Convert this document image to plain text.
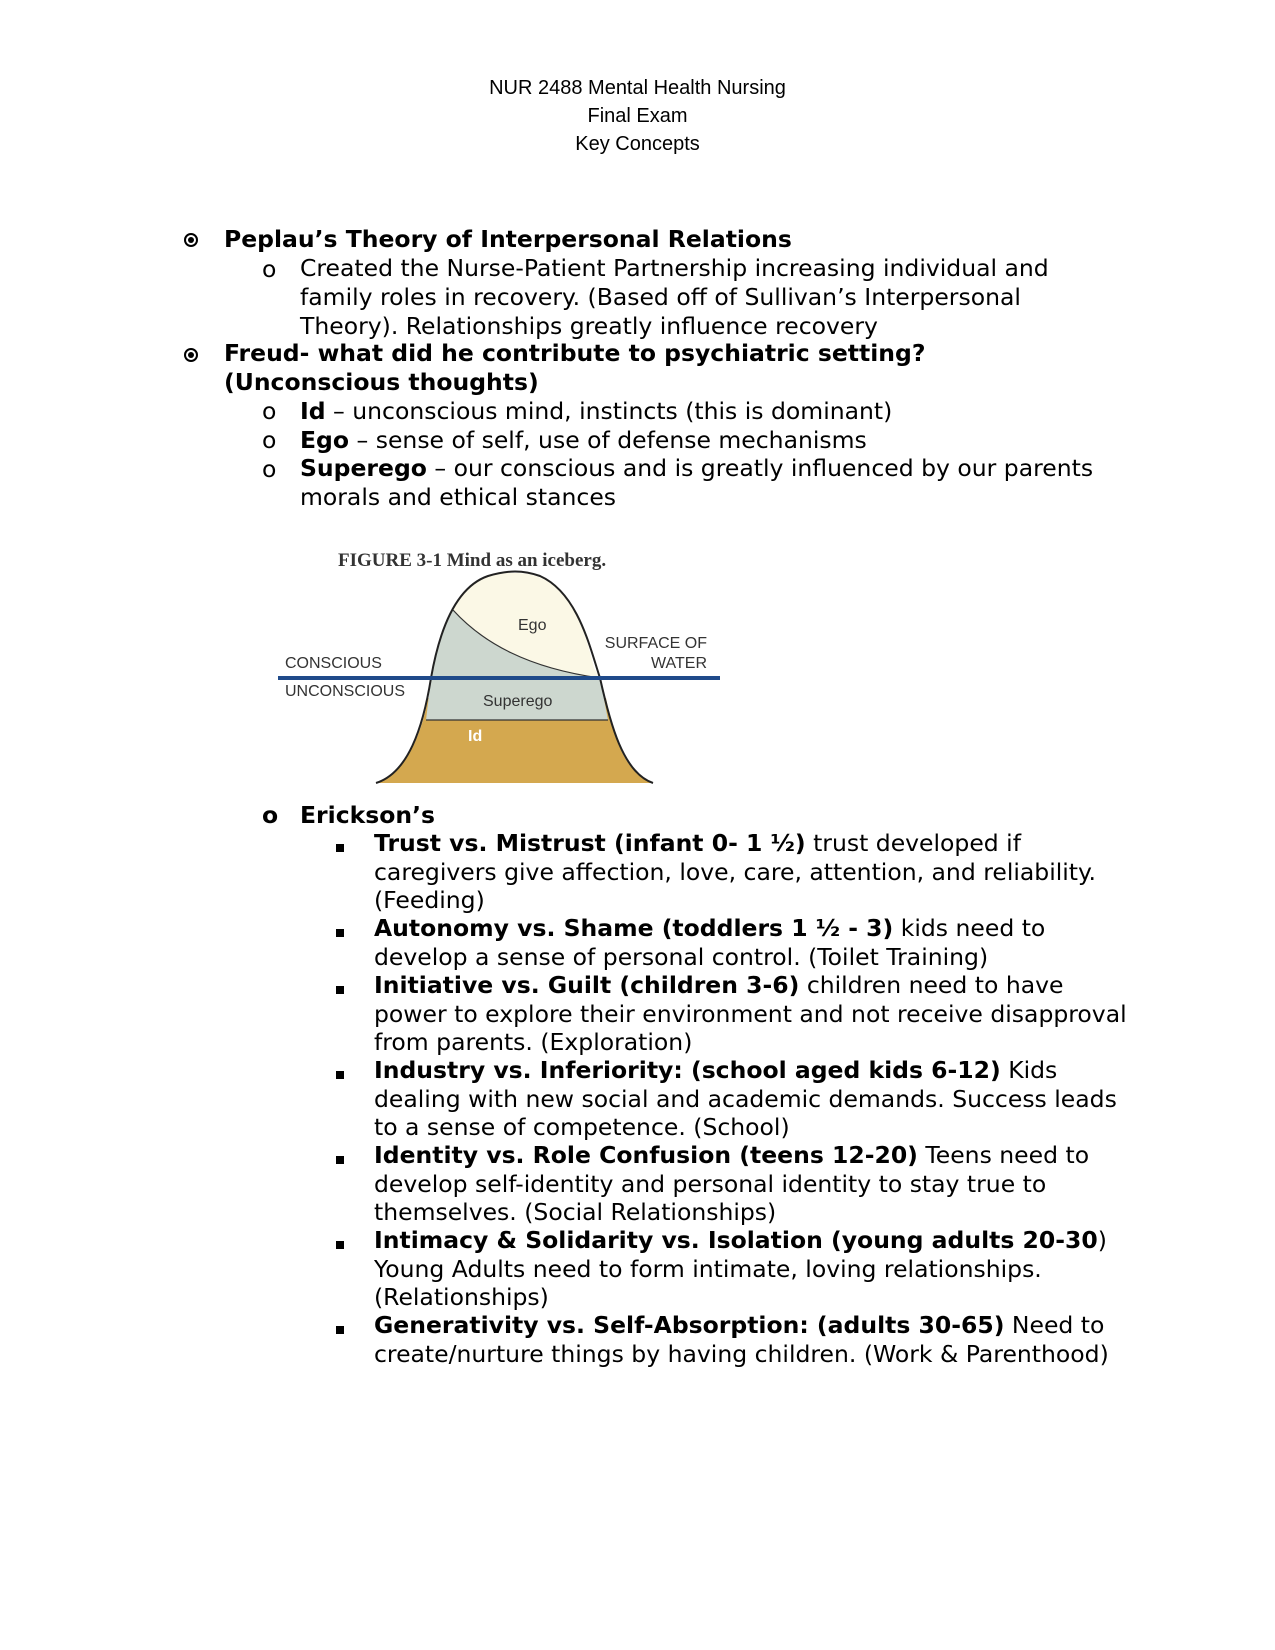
NUR 2488 Mental Health Nursing
Final Exam
Key Concepts
Peplau’s Theory of Interpersonal Relations
o	Created the Nurse-Patient Partnership increasing individual and family roles in recovery. (Based off of Sullivan’s Interpersonal Theory). Relationships greatly influence recovery
Freud- what did he contribute to psychiatric setting? (Unconscious thoughts)
o	Id – unconscious mind, instincts (this is dominant)
o	Ego – sense of self, use of defense mechanisms
o	Superego – our conscious and is greatly influenced by our parents morals and ethical stances
FIGURE 3-1 Mind as an iceberg.
Ego
Superego
Id
CONSCIOUS
UNCONSCIOUS
SURFACE OF
WATER
o Erickson’s
Trust vs. Mistrust (infant 0- 1 ½) trust developed if caregivers give affection, love, care, attention, and reliability. (Feeding)
Autonomy vs. Shame (toddlers 1 ½ - 3) kids need to develop a sense of personal control. (Toilet Training)
Initiative vs. Guilt (children 3-6) children need to have power to explore their environment and not receive disapproval from parents. (Exploration)
Industry vs. Inferiority: (school aged kids 6-12) Kids dealing with new social and academic demands. Success leads to a sense of competence. (School)
Identity vs. Role Confusion (teens 12-20) Teens need to develop self-identity and personal identity to stay true to themselves. (Social Relationships)
Intimacy & Solidarity vs. Isolation (young adults 20-30) Young Adults need to form intimate, loving relationships. (Relationships)
Generativity vs. Self-Absorption: (adults 30-65) Need to create/nurture things by having children. (Work & Parenthood)
